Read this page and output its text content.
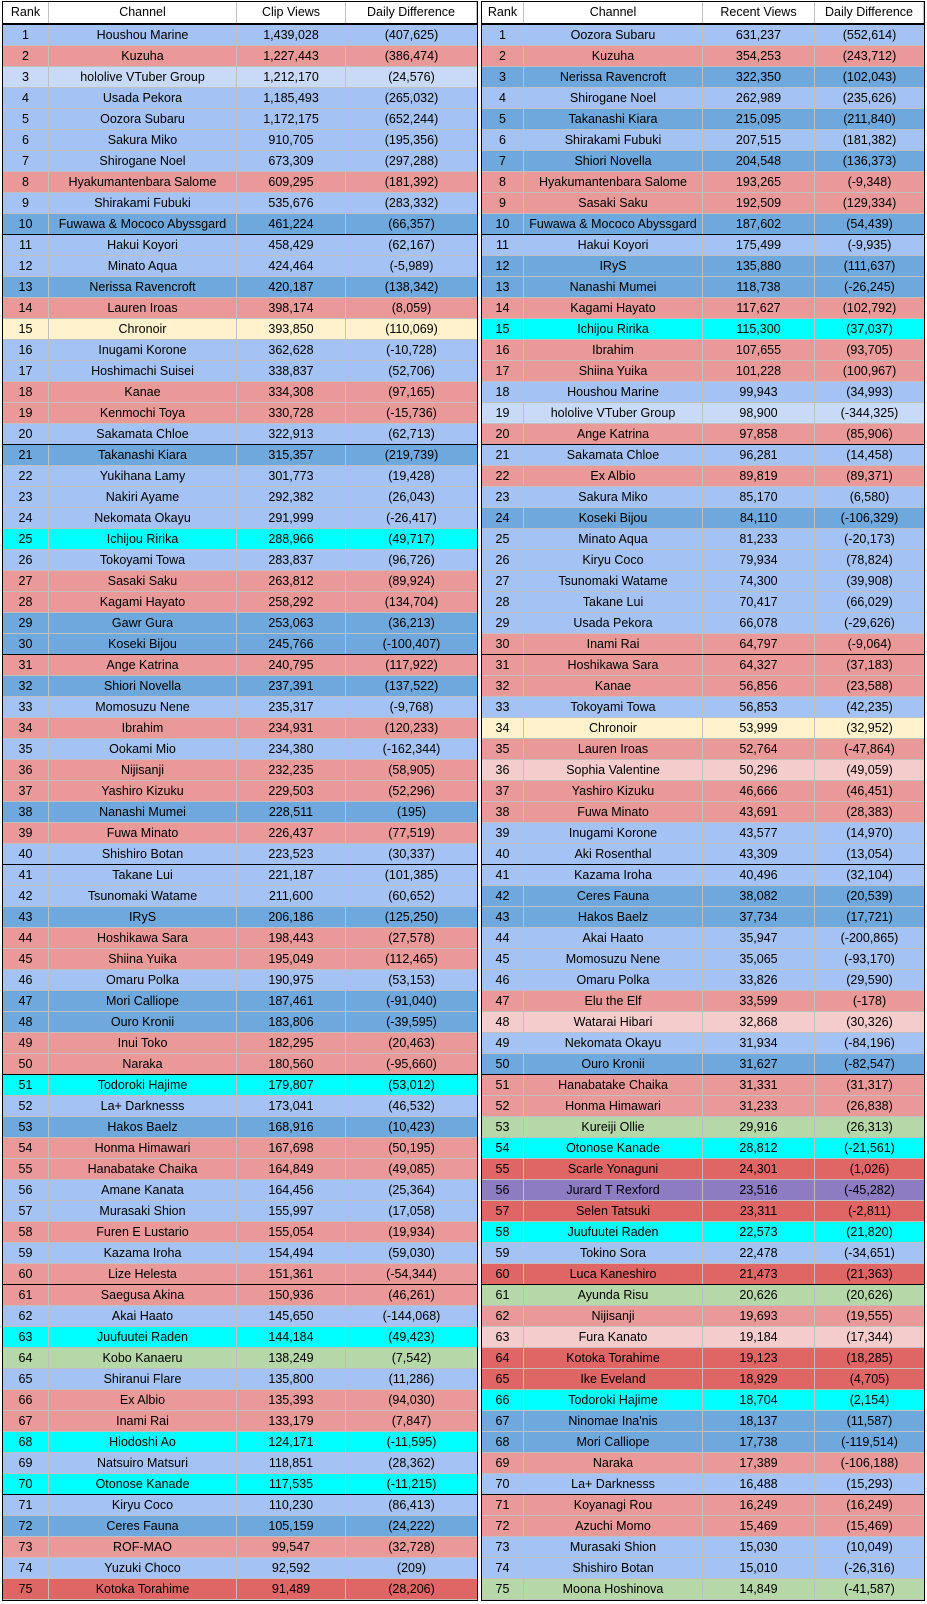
Rank	Channel	Clip Views	Daily Difference
1	Houshou Marine	1,439,028	(407,625)
2	Kuzuha	1,227,443	(386,474)
3	hololive VTuber Group	1,212,170	(24,576)
4	Usada Pekora	1,185,493	(265,032)
5	Oozora Subaru	1,172,175	(652,244)
6	Sakura Miko	910,705	(195,356)
7	Shirogane Noel	673,309	(297,288)
8	Hyakumantenbara Salome	609,295	(181,392)
9	Shirakami Fubuki	535,676	(283,332)
10	Fuwawa & Mococo Abyssgard	461,224	(66,357)
11	Hakui Koyori	458,429	(62,167)
12	Minato Aqua	424,464	(-5,989)
13	Nerissa Ravencroft	420,187	(138,342)
14	Lauren Iroas	398,174	(8,059)
15	Chronoir	393,850	(110,069)
16	Inugami Korone	362,628	(-10,728)
17	Hoshimachi Suisei	338,837	(52,706)
18	Kanae	334,308	(97,165)
19	Kenmochi Toya	330,728	(-15,736)
20	Sakamata Chloe	322,913	(62,713)
21	Takanashi Kiara	315,357	(219,739)
22	Yukihana Lamy	301,773	(19,428)
23	Nakiri Ayame	292,382	(26,043)
24	Nekomata Okayu	291,999	(-26,417)
25	Ichijou Ririka	288,966	(49,717)
26	Tokoyami Towa	283,837	(96,726)
27	Sasaki Saku	263,812	(89,924)
28	Kagami Hayato	258,292	(134,704)
29	Gawr Gura	253,063	(36,213)
30	Koseki Bijou	245,766	(-100,407)
31	Ange Katrina	240,795	(117,922)
32	Shiori Novella	237,391	(137,522)
33	Momosuzu Nene	235,317	(-9,768)
34	Ibrahim	234,931	(120,233)
35	Ookami Mio	234,380	(-162,344)
36	Nijisanji	232,235	(58,905)
37	Yashiro Kizuku	229,503	(52,296)
38	Nanashi Mumei	228,511	(195)
39	Fuwa Minato	226,437	(77,519)
40	Shishiro Botan	223,523	(30,337)
41	Takane Lui	221,187	(101,385)
42	Tsunomaki Watame	211,600	(60,652)
43	IRyS	206,186	(125,250)
44	Hoshikawa Sara	198,443	(27,578)
45	Shiina Yuika	195,049	(112,465)
46	Omaru Polka	190,975	(53,153)
47	Mori Calliope	187,461	(-91,040)
48	Ouro Kronii	183,806	(-39,595)
49	Inui Toko	182,295	(20,463)
50	Naraka	180,560	(-95,660)
51	Todoroki Hajime	179,807	(53,012)
52	La+ Darknesss	173,041	(46,532)
53	Hakos Baelz	168,916	(10,423)
54	Honma Himawari	167,698	(50,195)
55	Hanabatake Chaika	164,849	(49,085)
56	Amane Kanata	164,456	(25,364)
57	Murasaki Shion	155,997	(17,058)
58	Furen E Lustario	155,054	(19,934)
59	Kazama Iroha	154,494	(59,030)
60	Lize Helesta	151,361	(-54,344)
61	Saegusa Akina	150,936	(46,261)
62	Akai Haato	145,650	(-144,068)
63	Juufuutei Raden	144,184	(49,423)
64	Kobo Kanaeru	138,249	(7,542)
65	Shiranui Flare	135,800	(11,286)
66	Ex Albio	135,393	(94,030)
67	Inami Rai	133,179	(7,847)
68	Hiodoshi Ao	124,171	(-11,595)
69	Natsuiro Matsuri	118,851	(28,362)
70	Otonose Kanade	117,535	(-11,215)
71	Kiryu Coco	110,230	(86,413)
72	Ceres Fauna	105,159	(24,222)
73	ROF-MAO	99,547	(32,728)
74	Yuzuki Choco	92,592	(209)
75	Kotoka Torahime	91,489	(28,206)
Rank	Channel	Recent Views	Daily Difference
1	Oozora Subaru	631,237	(552,614)
2	Kuzuha	354,253	(243,712)
3	Nerissa Ravencroft	322,350	(102,043)
4	Shirogane Noel	262,989	(235,626)
5	Takanashi Kiara	215,095	(211,840)
6	Shirakami Fubuki	207,515	(181,382)
7	Shiori Novella	204,548	(136,373)
8	Hyakumantenbara Salome	193,265	(-9,348)
9	Sasaki Saku	192,509	(129,334)
10	Fuwawa & Mococo Abyssgard	187,602	(54,439)
11	Hakui Koyori	175,499	(-9,935)
12	IRyS	135,880	(111,637)
13	Nanashi Mumei	118,738	(-26,245)
14	Kagami Hayato	117,627	(102,792)
15	Ichijou Ririka	115,300	(37,037)
16	Ibrahim	107,655	(93,705)
17	Shiina Yuika	101,228	(100,967)
18	Houshou Marine	99,943	(34,993)
19	hololive VTuber Group	98,900	(-344,325)
20	Ange Katrina	97,858	(85,906)
21	Sakamata Chloe	96,281	(14,458)
22	Ex Albio	89,819	(89,371)
23	Sakura Miko	85,170	(6,580)
24	Koseki Bijou	84,110	(-106,329)
25	Minato Aqua	81,233	(-20,173)
26	Kiryu Coco	79,934	(78,824)
27	Tsunomaki Watame	74,300	(39,908)
28	Takane Lui	70,417	(66,029)
29	Usada Pekora	66,078	(-29,626)
30	Inami Rai	64,797	(-9,064)
31	Hoshikawa Sara	64,327	(37,183)
32	Kanae	56,856	(23,588)
33	Tokoyami Towa	56,853	(42,235)
34	Chronoir	53,999	(32,952)
35	Lauren Iroas	52,764	(-47,864)
36	Sophia Valentine	50,296	(49,059)
37	Yashiro Kizuku	46,666	(46,451)
38	Fuwa Minato	43,691	(28,383)
39	Inugami Korone	43,577	(14,970)
40	Aki Rosenthal	43,309	(13,054)
41	Kazama Iroha	40,496	(32,104)
42	Ceres Fauna	38,082	(20,539)
43	Hakos Baelz	37,734	(17,721)
44	Akai Haato	35,947	(-200,865)
45	Momosuzu Nene	35,065	(-93,170)
46	Omaru Polka	33,826	(29,590)
47	Elu the Elf	33,599	(-178)
48	Watarai Hibari	32,868	(30,326)
49	Nekomata Okayu	31,934	(-84,196)
50	Ouro Kronii	31,627	(-82,547)
51	Hanabatake Chaika	31,331	(31,317)
52	Honma Himawari	31,233	(26,838)
53	Kureiji Ollie	29,916	(26,313)
54	Otonose Kanade	28,812	(-21,561)
55	Scarle Yonaguni	24,301	(1,026)
56	Jurard T Rexford	23,516	(-45,282)
57	Selen Tatsuki	23,311	(-2,811)
58	Juufuutei Raden	22,573	(21,820)
59	Tokino Sora	22,478	(-34,651)
60	Luca Kaneshiro	21,473	(21,363)
61	Ayunda Risu	20,626	(20,626)
62	Nijisanji	19,693	(19,555)
63	Fura Kanato	19,184	(17,344)
64	Kotoka Torahime	19,123	(18,285)
65	Ike Eveland	18,929	(4,705)
66	Todoroki Hajime	18,704	(2,154)
67	Ninomae Ina'nis	18,137	(11,587)
68	Mori Calliope	17,738	(-119,514)
69	Naraka	17,389	(-106,188)
70	La+ Darknesss	16,488	(15,293)
71	Koyanagi Rou	16,249	(16,249)
72	Azuchi Momo	15,469	(15,469)
73	Murasaki Shion	15,030	(10,049)
74	Shishiro Botan	15,010	(-26,316)
75	Moona Hoshinova	14,849	(-41,587)
